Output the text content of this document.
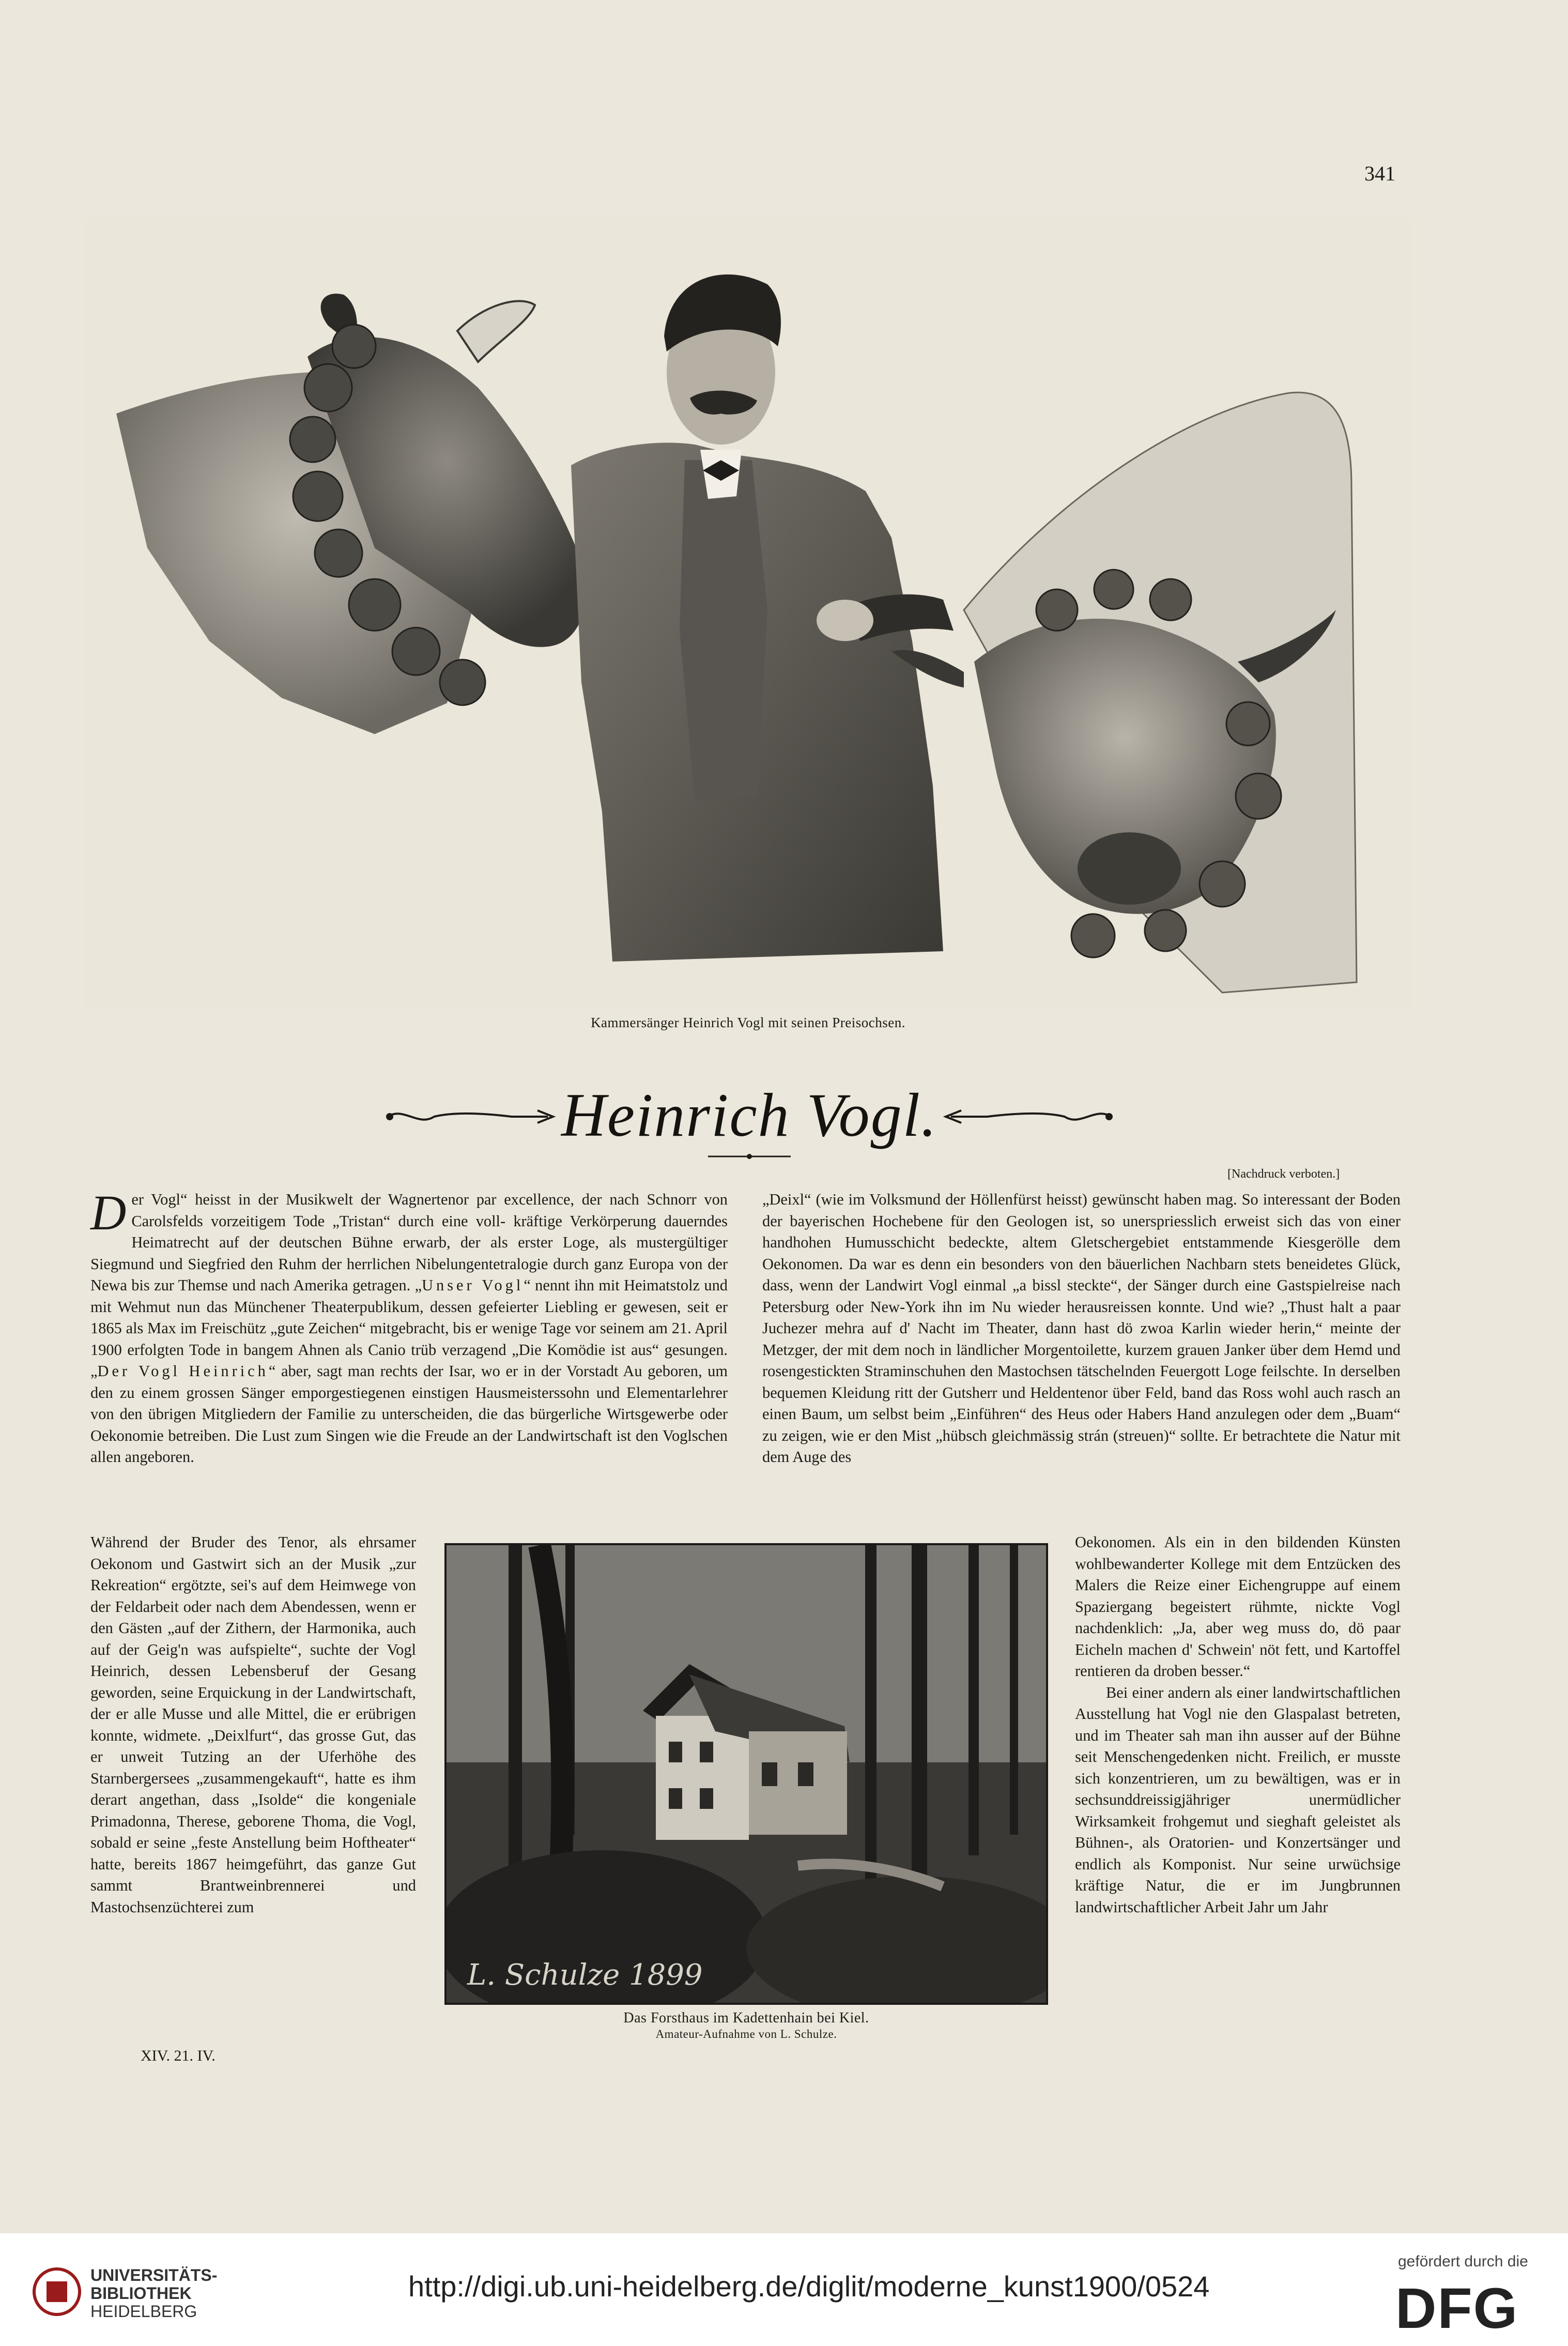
341
Kammersänger Heinrich Vogl mit seinen Preisochsen.
Heinrich Vogl.
[Nachdruck verboten.]

D er Vogl“ heisst in der Musikwelt der Wagnertenor par excellence, der nach Schnorr von Carolsfelds vorzeitigem Tode „Tristan“ durch eine voll- kräftige Verkörperung dauerndes Heimatrecht auf der deutschen Bühne erwarb, der als erster Loge, als mustergültiger Siegmund und Siegfried den Ruhm der herrlichen Nibelungentetralogie durch ganz Europa von der Newa bis zur Themse und nach Amerika getragen. „Unser Vogl“ nennt ihn mit Heimatstolz und mit Wehmut nun das Münchener Theaterpublikum, dessen gefeierter Liebling er gewesen, seit er 1865 als Max im Freischütz „gute Zeichen“ mitgebracht, bis er wenige Tage vor seinem am 21. April 1900 erfolgten Tode in bangem Ahnen als Canio trüb verzagend „Die Komödie ist aus“ gesungen. „Der Vogl Heinrich“ aber, sagt man rechts der Isar, wo er in der Vorstadt Au geboren, um den zu einem grossen Sänger emporgestiegenen einstigen Hausmeisterssohn und Elementarlehrer von den übrigen Mitgliedern der Familie zu unterscheiden, die das bürgerliche Wirtsgewerbe oder Oekonomie betreiben. Die Lust zum Singen wie die Freude an der Landwirtschaft ist den Voglschen allen angeboren.

„Deixl“ (wie im Volksmund der Höllenfürst heisst) gewünscht haben mag. So interessant der Boden der bayerischen Hochebene für den Geologen ist, so unerspriesslich erweist sich das von einer handhohen Humusschicht bedeckte, altem Gletschergebiet entstammende Kiesgerölle dem Oekonomen. Da war es denn ein besonders von den bäuerlichen Nachbarn stets beneidetes Glück, dass, wenn der Landwirt Vogl einmal „a bissl steckte“, der Sänger durch eine Gastspielreise nach Petersburg oder New-York ihn im Nu wieder herausreissen konnte. Und wie? „Thust halt a paar Juchezer mehra auf d' Nacht im Theater, dann hast dö zwoa Karlin wieder herin,“ meinte der Metzger, der mit dem noch in ländlicher Morgentoilette, kurzem grauen Janker über dem Hemd und rosengestickten Straminschuhen den Mastochsen tätschelnden Feuergott Loge feilschte. In derselben bequemen Kleidung ritt der Gutsherr und Heldentenor über Feld, band das Ross wohl auch rasch an einen Baum, um selbst beim „Einführen“ des Heus oder Habers Hand anzulegen oder dem „Buam“ zu zeigen, wie er den Mist „hübsch gleichmässig strán (streuen)“ sollte. Er betrachtete die Natur mit dem Auge des

Während der Bruder des Tenor, als ehrsamer Oekonom und Gastwirt sich an der Musik „zur Rekreation“ ergötzte, sei's auf dem Heimwege von der Feldarbeit oder nach dem Abendessen, wenn er den Gästen „auf der Zithern, der Harmonika, auch auf der Geig'n was aufspielte“, suchte der Vogl Heinrich, dessen Lebensberuf der Gesang geworden, seine Erquickung in der Landwirtschaft, der er alle Musse und alle Mittel, die er erübrigen konnte, widmete. „Deixlfurt“, das grosse Gut, das er unweit Tutzing an der Uferhöhe des Starnbergersees „zusammengekauft“, hatte es ihm derart angethan, dass „Isolde“ die kongeniale Primadonna, Therese, geborene Thoma, die Vogl, sobald er seine „feste Anstellung beim Hoftheater“ hatte, bereits 1867 heimgeführt, das ganze Gut sammt Brantweinbrennerei und Mastochsenzüchterei zum

Oekonomen. Als ein in den bildenden Künsten wohlbewanderter Kollege mit dem Entzücken des Malers die Reize einer Eichengruppe auf einem Spaziergang begeistert rühmte, nickte Vogl nachdenklich: „Ja, aber weg muss do, dö paar Eicheln machen d' Schwein' nöt fett, und Kartoffel rentieren da droben besser.“

Bei einer andern als einer landwirtschaftlichen Ausstellung hat Vogl nie den Glaspalast betreten, und im Theater sah man ihn ausser auf der Bühne seit Menschengedenken nicht. Freilich, er musste sich konzentrieren, um zu bewältigen, was er in sechsunddreissigjähriger unermüdlicher Wirksamkeit frohgemut und sieghaft geleistet als Bühnen-, als Oratorien- und Konzertsänger und endlich als Komponist. Nur seine urwüchsige kräftige Natur, die er im Jungbrunnen landwirtschaftlicher Arbeit Jahr um Jahr

L. Schulze 1899
Das Forsthaus im Kadettenhain bei Kiel.
Amateur-Aufnahme von L. Schulze.
XIV. 21. IV.
UNIVERSITÄTS-
BIBLIOTHEK
HEIDELBERG
http://digi.ub.uni-heidelberg.de/diglit/moderne_kunst1900/0524
gefördert durch die
DFG
